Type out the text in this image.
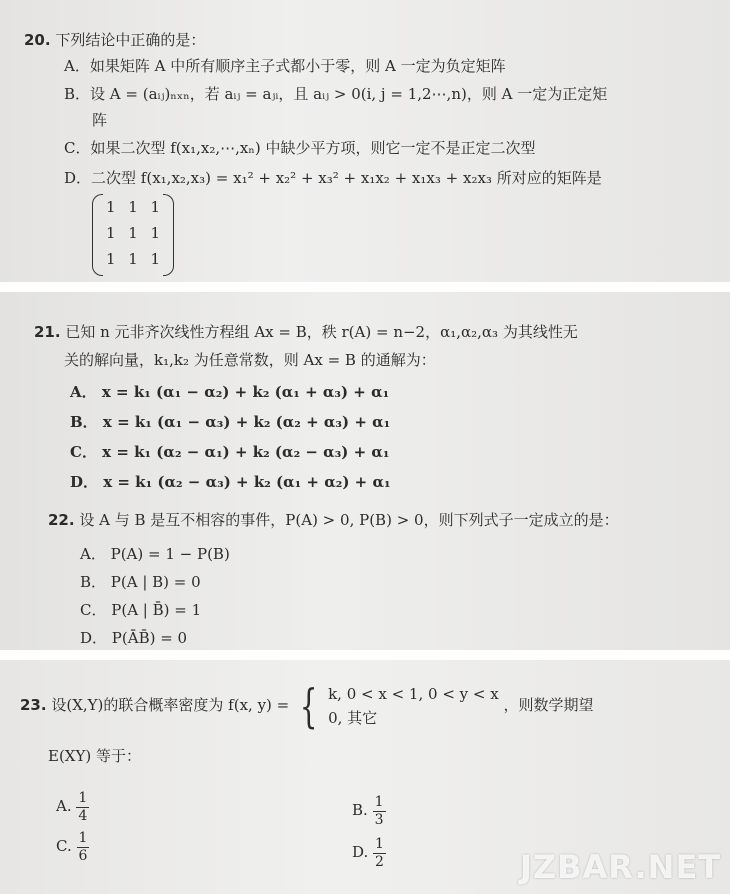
20. 下列结论中正确的是：
A．如果矩阵 A 中所有顺序主子式都小于零，则 A 一定为负定矩阵
B．设 A = (aᵢⱼ)ₙₓₙ，若 aᵢⱼ = aⱼᵢ，且 aᵢⱼ > 0(i, j = 1,2⋯,n)，则 A 一定为正定矩
阵
C．如果二次型 f(x₁,x₂,⋯,xₙ) 中缺少平方项，则它一定不是正定二次型
D．二次型 f(x₁,x₂,x₃) = x₁² + x₂² + x₃² + x₁x₂ + x₁x₃ + x₂x₃ 所对应的矩阵是
1 1 1
1 1 1
1 1 1
21. 已知 n 元非齐次线性方程组 Ax = B，秩 r(A) = n−2，α₁,α₂,α₃ 为其线性无
关的解向量，k₁,k₂ 为任意常数，则 Ax = B 的通解为：
A． x = k₁ (α₁ − α₂) + k₂ (α₁ + α₃) + α₁
B． x = k₁ (α₁ − α₃) + k₂ (α₂ + α₃) + α₁
C． x = k₁ (α₂ − α₁) + k₂ (α₂ − α₃) + α₁
D． x = k₁ (α₂ − α₃) + k₂ (α₁ + α₂) + α₁
22. 设 A 与 B 是互不相容的事件，P(A) > 0, P(B) > 0，则下列式子一定成立的是：
A． P(A) = 1 − P(B)
B． P(A | B) = 0
C． P(A | B̄) = 1
D． P(ĀB̄) = 0
23. 设(X,Y)的联合概率密度为 f(x, y) = { k, 0 < x < 1, 0 < y < x
0, 其它
，则数学期望
E(XY) 等于：
A. $\frac{1}{4}$	B. $\frac{1}{3}$
C. $\frac{1}{6}$	D. $\frac{1}{2}$	JZBAR.NET
